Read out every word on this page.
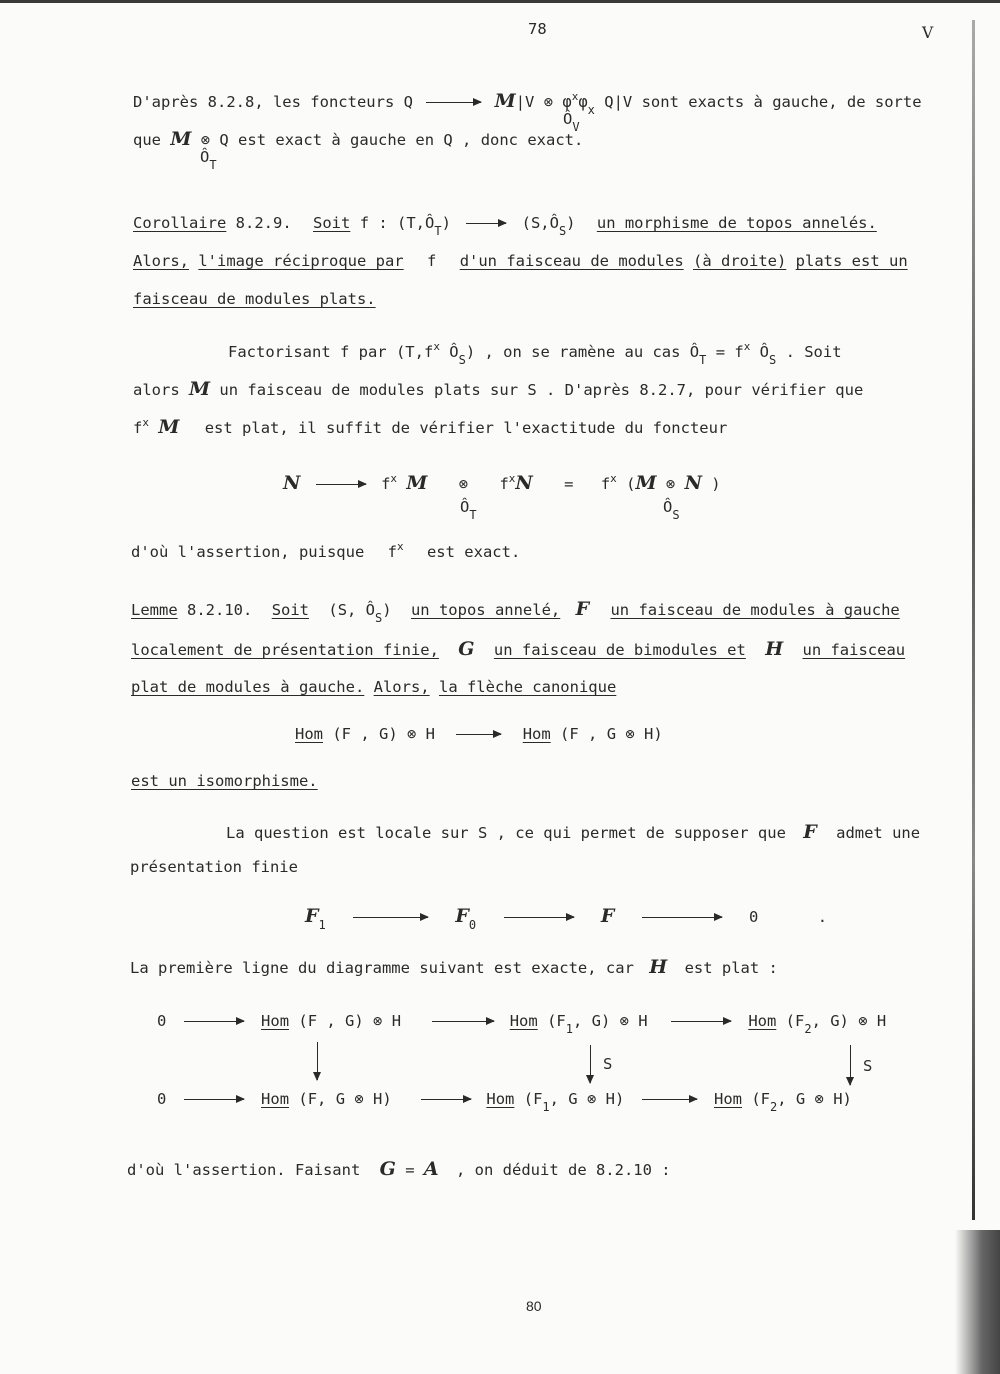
78	V
D'après 8.2.8, les foncteurs Q	M|V ⊗ $\varphi^x\varphi_x$ Q|V sont exacts à gauche, de sorte
$Ô_V$
que M ⊗ Q est exact à gauche en Q , donc exact.
$Ô_T$
Corollaire 8.2.9. Soit f : $(T,Ô_T)$	$(S,Ô_S)$ un morphisme de topos annelés.
Alors, l'image réciproque par f d'un faisceau de modules (à droite) plats est un
faisceau de modules plats.
Factorisant f par ($T,f^x$ $Ô_S$) , on se ramène au cas $Ô_T = f^x$ $Ô_S$ . Soit
alors M un faisceau de modules plats sur S . D'après 8.2.7, pour vérifier que
$f^x$ M est plat, il suffit de vérifier l'exactitude du foncteur
N	$f^x$ M ⊗ $f^xN = f^x$ (M ⊗ N )
$Ô_T$	$Ô_S$
d'où l'assertion, puisque $f^x$ est exact.
Lemme 8.2.10. Soit (S, $Ô_S$) un topos annelé, F un faisceau de modules à gauche
localement de présentation finie, G un faisceau de bimodules et H un faisceau
plat de modules à gauche. Alors, la flèche canonique
Hom (F , G) ⊗ H	Hom (F , G ⊗ H)
est un isomorphisme.
La question est locale sur S , ce qui permet de supposer que F admet une
présentation finie
$F_1$	$F_0$	F	0	.
La première ligne du diagramme suivant est exacte, car H est plat :
0	Hom (F , G) ⊗ H	Hom ($F_1$, G) ⊗ H	Hom ($F_2$, G) ⊗ H
S	S
0	Hom (F, G ⊗ H)	Hom ($F_1$, G ⊗ H)	Hom ($F_2$, G ⊗ H)
d'où l'assertion. Faisant G = A , on déduit de 8.2.10 :
80
